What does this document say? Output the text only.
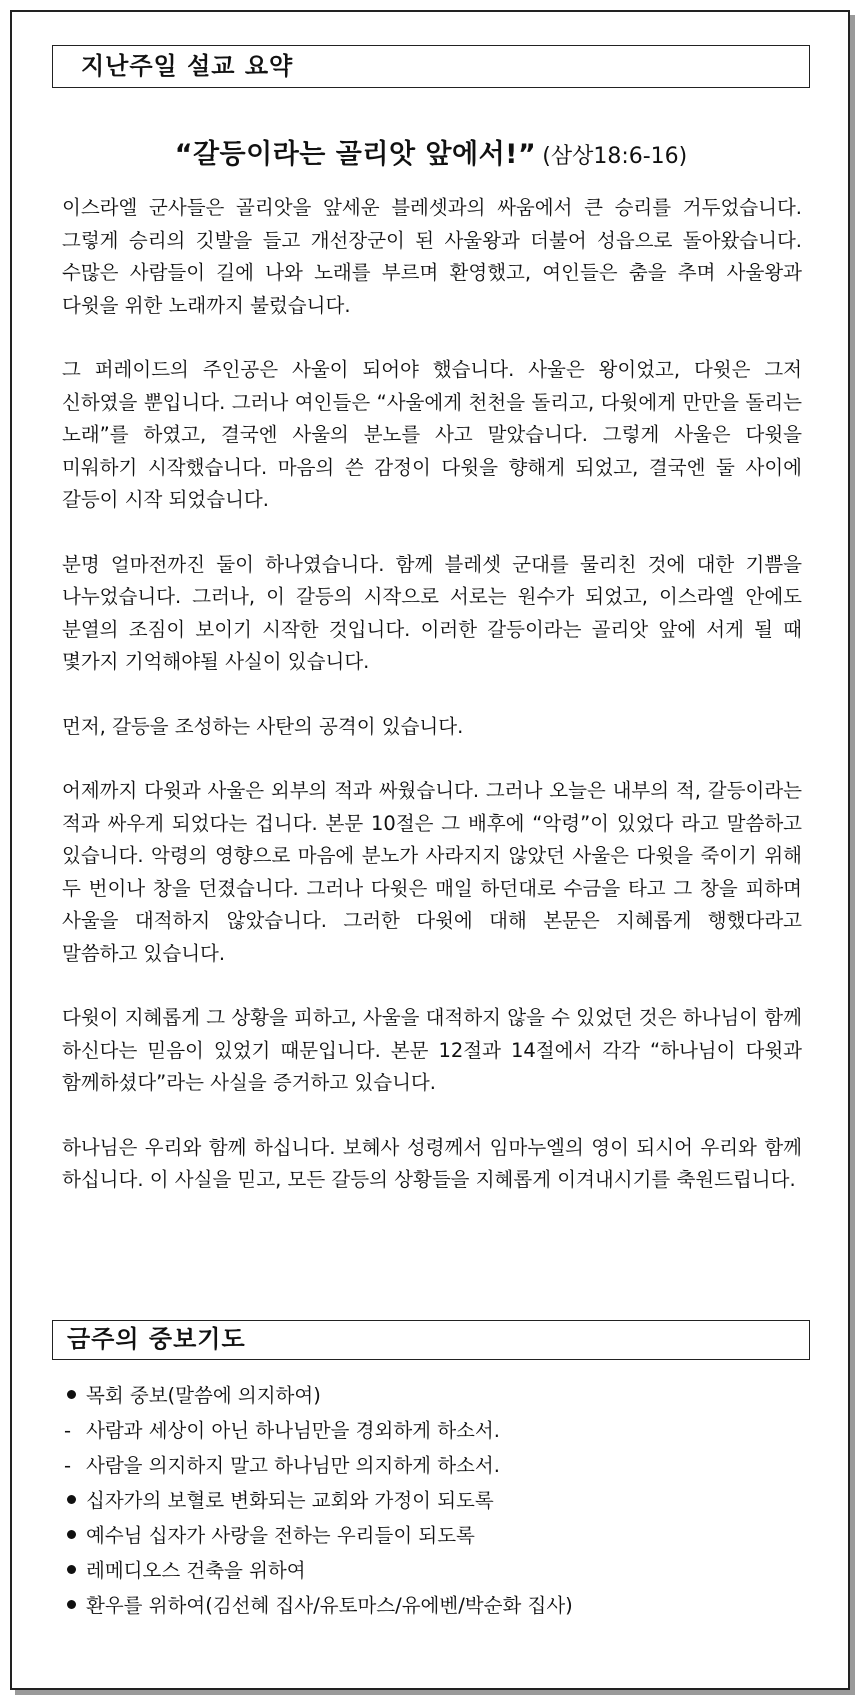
지난주일 설교 요약
“갈등이라는 골리앗 앞에서!” (삼상18:6-16)

이스라엘 군사들은 골리앗을 앞세운 블레셋과의 싸움에서 큰 승리를 거두었습니다. 그렇게 승리의 깃발을 들고 개선장군이 된 사울왕과 더불어 성읍으로 돌아왔습니다. 수많은 사람들이 길에 나와 노래를 부르며 환영했고, 여인들은 춤을 추며 사울왕과 다윗을 위한 노래까지 불렀습니다.

그 퍼레이드의 주인공은 사울이 되어야 했습니다. 사울은 왕이었고, 다윗은 그저 신하였을 뿐입니다. 그러나 여인들은 “사울에게 천천을 돌리고, 다윗에게 만만을 돌리는 노래”를 하였고, 결국엔 사울의 분노를 사고 말았습니다. 그렇게 사울은 다윗을 미워하기 시작했습니다. 마음의 쓴 감정이 다윗을 향해게 되었고, 결국엔 둘 사이에 갈등이 시작 되었습니다.

분명 얼마전까진 둘이 하나였습니다. 함께 블레셋 군대를 물리친 것에 대한 기쁨을 나누었습니다. 그러나, 이 갈등의 시작으로 서로는 원수가 되었고, 이스라엘 안에도 분열의 조짐이 보이기 시작한 것입니다. 이러한 갈등이라는 골리앗 앞에 서게 될 때 몇가지 기억해야될 사실이 있습니다.

먼저, 갈등을 조성하는 사탄의 공격이 있습니다.

어제까지 다윗과 사울은 외부의 적과 싸웠습니다. 그러나 오늘은 내부의 적, 갈등이라는 적과 싸우게 되었다는 겁니다. 본문 10절은 그 배후에 “악령”이 있었다 라고 말씀하고 있습니다. 악령의 영향으로 마음에 분노가 사라지지 않았던 사울은 다윗을 죽이기 위해 두 번이나 창을 던졌습니다. 그러나 다윗은 매일 하던대로 수금을 타고 그 창을 피하며 사울을 대적하지 않았습니다. 그러한 다윗에 대해 본문은 지혜롭게 행했다라고 말씀하고 있습니다.

다윗이 지혜롭게 그 상황을 피하고, 사울을 대적하지 않을 수 있었던 것은 하나님이 함께 하신다는 믿음이 있었기 때문입니다. 본문 12절과 14절에서 각각 “하나님이 다윗과 함께하셨다”라는 사실을 증거하고 있습니다.

하나님은 우리와 함께 하십니다. 보혜사 성령께서 임마누엘의 영이 되시어 우리와 함께 하십니다. 이 사실을 믿고, 모든 갈등의 상황들을 지혜롭게 이겨내시기를 축원드립니다.

금주의 중보기도
목회 중보(말씀에 의지하여)
- 사람과 세상이 아닌 하나님만을 경외하게 하소서.
- 사람을 의지하지 말고 하나님만 의지하게 하소서.
십자가의 보혈로 변화되는 교회와 가정이 되도록
예수님 십자가 사랑을 전하는 우리들이 되도록
레메디오스 건축을 위하여
환우를 위하여(김선혜 집사/유토마스/유에벤/박순화 집사)
